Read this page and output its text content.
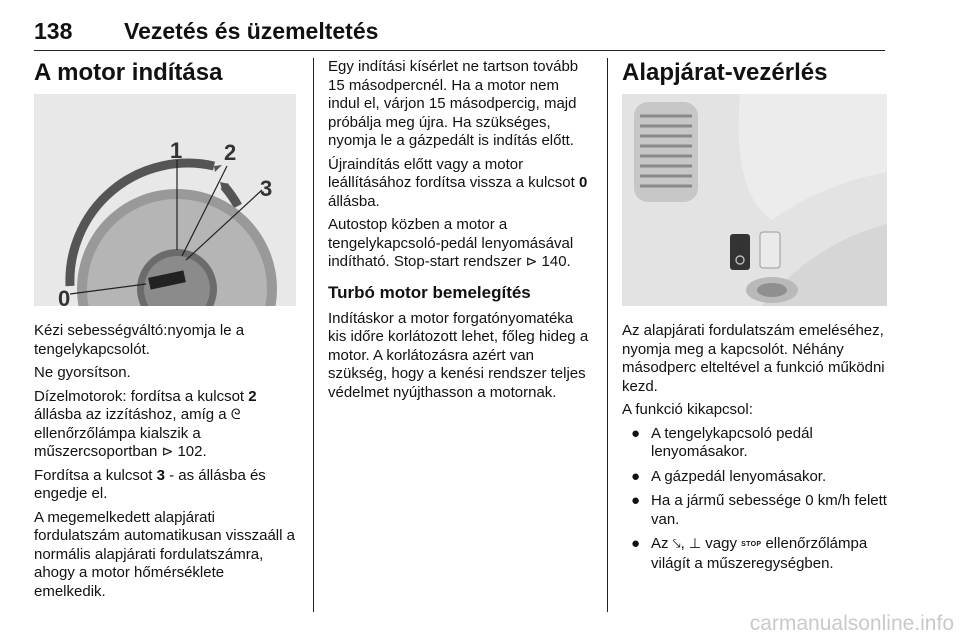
138 Vezetés és üzemeltetés
A motor indítása
1 2
3
0

Kézi sebességváltó:nyomja le a tengelykapcsolót.

Ne gyorsítson.

Dízelmotorok: fordítsa a kulcsot 2 állásba az izzításhoz, amíg a ᘓ ellenőrzőlámpa kialszik a műszercsoportban ⊳ 102.

Fordítsa a kulcsot 3 - as állásba és engedje el.

A megemelkedett alapjárati fordulatszám automatikusan visszaáll a normális alapjárati fordulatszámra, ahogy a motor hőmérséklete emelkedik.

Egy indítási kísérlet ne tartson tovább 15 másodpercnél. Ha a motor nem indul el, várjon 15 másodpercig, majd próbálja meg újra. Ha szükséges, nyomja le a gázpedált is indítás előtt.

Újraindítás előtt vagy a motor leállításához fordítsa vissza a kulcsot 0 állásba.

Autostop közben a motor a tengelykapcsoló-pedál lenyomásával indítható. Stop-start rendszer ⊳ 140.

Turbó motor bemelegítés

Indításkor a motor forgatónyomatéka kis időre korlátozott lehet, főleg hideg a motor. A korlátozásra azért van szükség, hogy a kenési rendszer teljes védelmet nyújthasson a motornak.

Alapjárat-vezérlés

Az alapjárati fordulatszám emeléséhez, nyomja meg a kapcsolót. Néhány másodperc elteltével a funkció működni kezd.

A funkció kikapcsol:

● A tengelykapcsoló pedál lenyomásakor.
● A gázpedál lenyomásakor.
● Ha a jármű sebessége 0 km/h felett van.
● Az ⤥, ⊥ vagy STOP ellenőrzőlámpa világít a műszeregységben.
carmanualsonline.info
